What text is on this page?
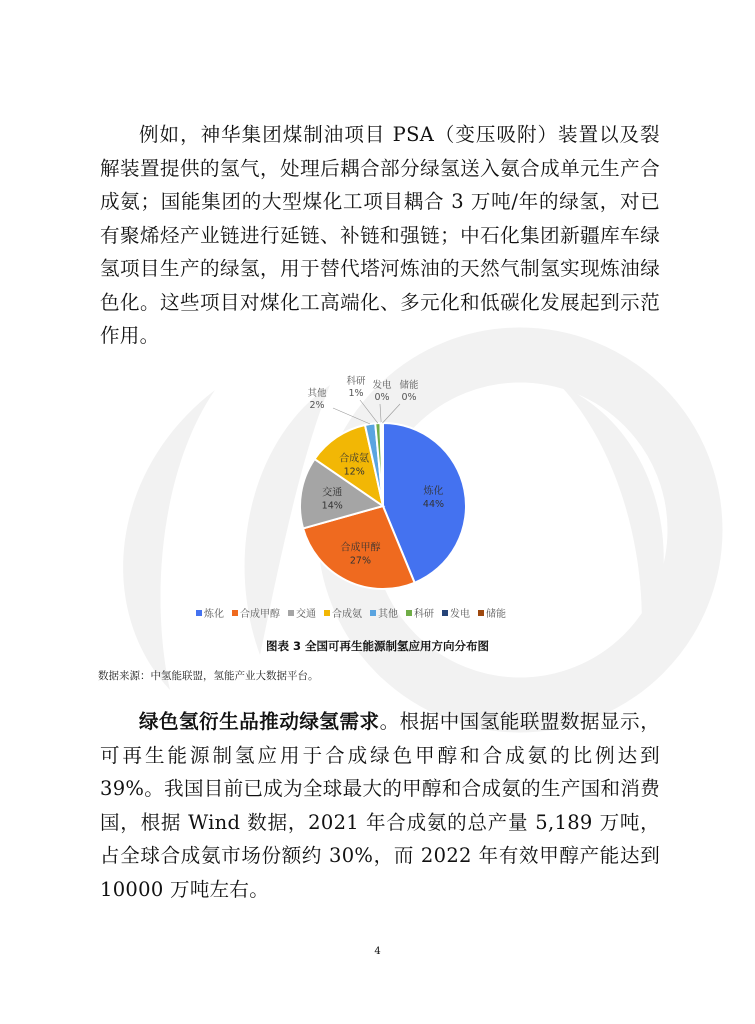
例如，神华集团煤制油项目 PSA（变压吸附）装置以及裂解装置提供的氢气，处理后耦合部分绿氢送入氨合成单元生产合成氨；国能集团的大型煤化工项目耦合 3 万吨/年的绿氢，对已有聚烯烃产业链进行延链、补链和强链；中石化集团新疆库车绿氢项目生产的绿氢，用于替代塔河炼油的天然气制氢实现炼油绿色化。这些项目对煤化工高端化、多元化和低碳化发展起到示范作用。

炼化
44%
合成甲醇
27%
交通
14%
合成氨
12%
其他
2%
科研
1%
发电
0%
储能
0%
炼化 合成甲醇 交通 合成氨 其他 科研 发电 储能
图表 3 全国可再生能源制氢应用方向分布图
数据来源：中氢能联盟，氢能产业大数据平台。

绿色氢衍生品推动绿氢需求。根据中国氢能联盟数据显示，可再生能源制氢应用于合成绿色甲醇和合成氨的比例达到 39%。我国目前已成为全球最大的甲醇和合成氨的生产国和消费国，根据 Wind 数据，2021 年合成氨的总产量 5,189 万吨，占全球合成氨市场份额约 30%，而 2022 年有效甲醇产能达到 10000 万吨左右。

4
